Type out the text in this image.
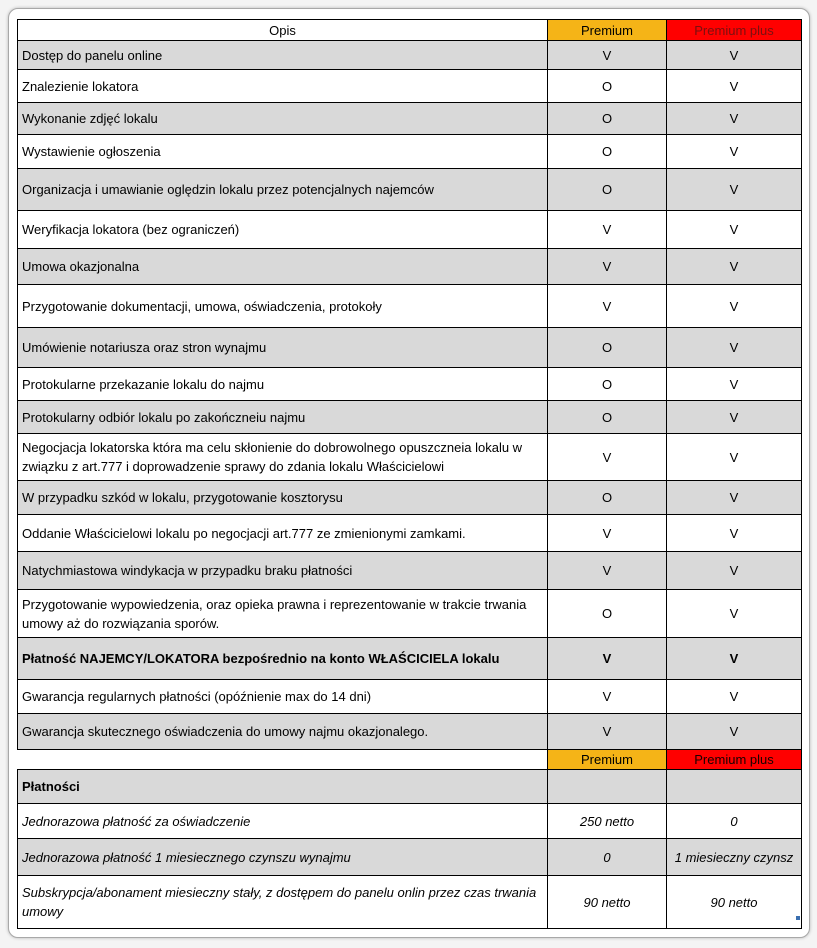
Opis	Premium	Premium plus
Dostęp do panelu online	V	V
Znalezienie lokatora	O	V
Wykonanie zdjęć lokalu	O	V
Wystawienie ogłoszenia	O	V
Organizacja i umawianie oględzin lokalu przez potencjalnych najemców	O	V
Weryfikacja lokatora (bez ograniczeń)	V	V
Umowa okazjonalna	V	V
Przygotowanie dokumentacji, umowa, oświadczenia, protokoły	V	V
Umówienie notariusza oraz stron wynajmu	O	V
Protokularne przekazanie lokalu do najmu	O	V
Protokularny odbiór lokalu po zakończneiu najmu	O	V
Negocjacja lokatorska która ma celu skłonienie do dobrowolnego opuszczneia lokalu w związku z art.777 i doprowadzenie sprawy do zdania lokalu Właścicielowi	V	V
W przypadku szkód w lokalu, przygotowanie kosztorysu	O	V
Oddanie Właścicielowi lokalu po negocjacji art.777 ze zmienionymi zamkami.	V	V
Natychmiastowa windykacja w przypadku braku płatności	V	V
Przygotowanie wypowiedzenia, oraz opieka prawna i reprezentowanie w trakcie trwania umowy aż do rozwiązania sporów.	O	V
Płatność NAJEMCY/LOKATORA bezpośrednio na konto WŁAŚCICIELA lokalu	V	V
Gwarancja regularnych płatności (opóźnienie max do 14 dni)	V	V
Gwarancja skutecznego oświadczenia do umowy najmu okazjonalego.	V	V
	Premium	Premium plus
Płatności		
Jednorazowa płatność za oświadczenie	250 netto	0
Jednorazowa płatność 1 miesiecznego czynszu wynajmu	0	1 miesieczny czynsz
Subskrypcja/abonament miesieczny stały, z dostępem do panelu onlin przez czas trwania umowy	90 netto	90 netto
